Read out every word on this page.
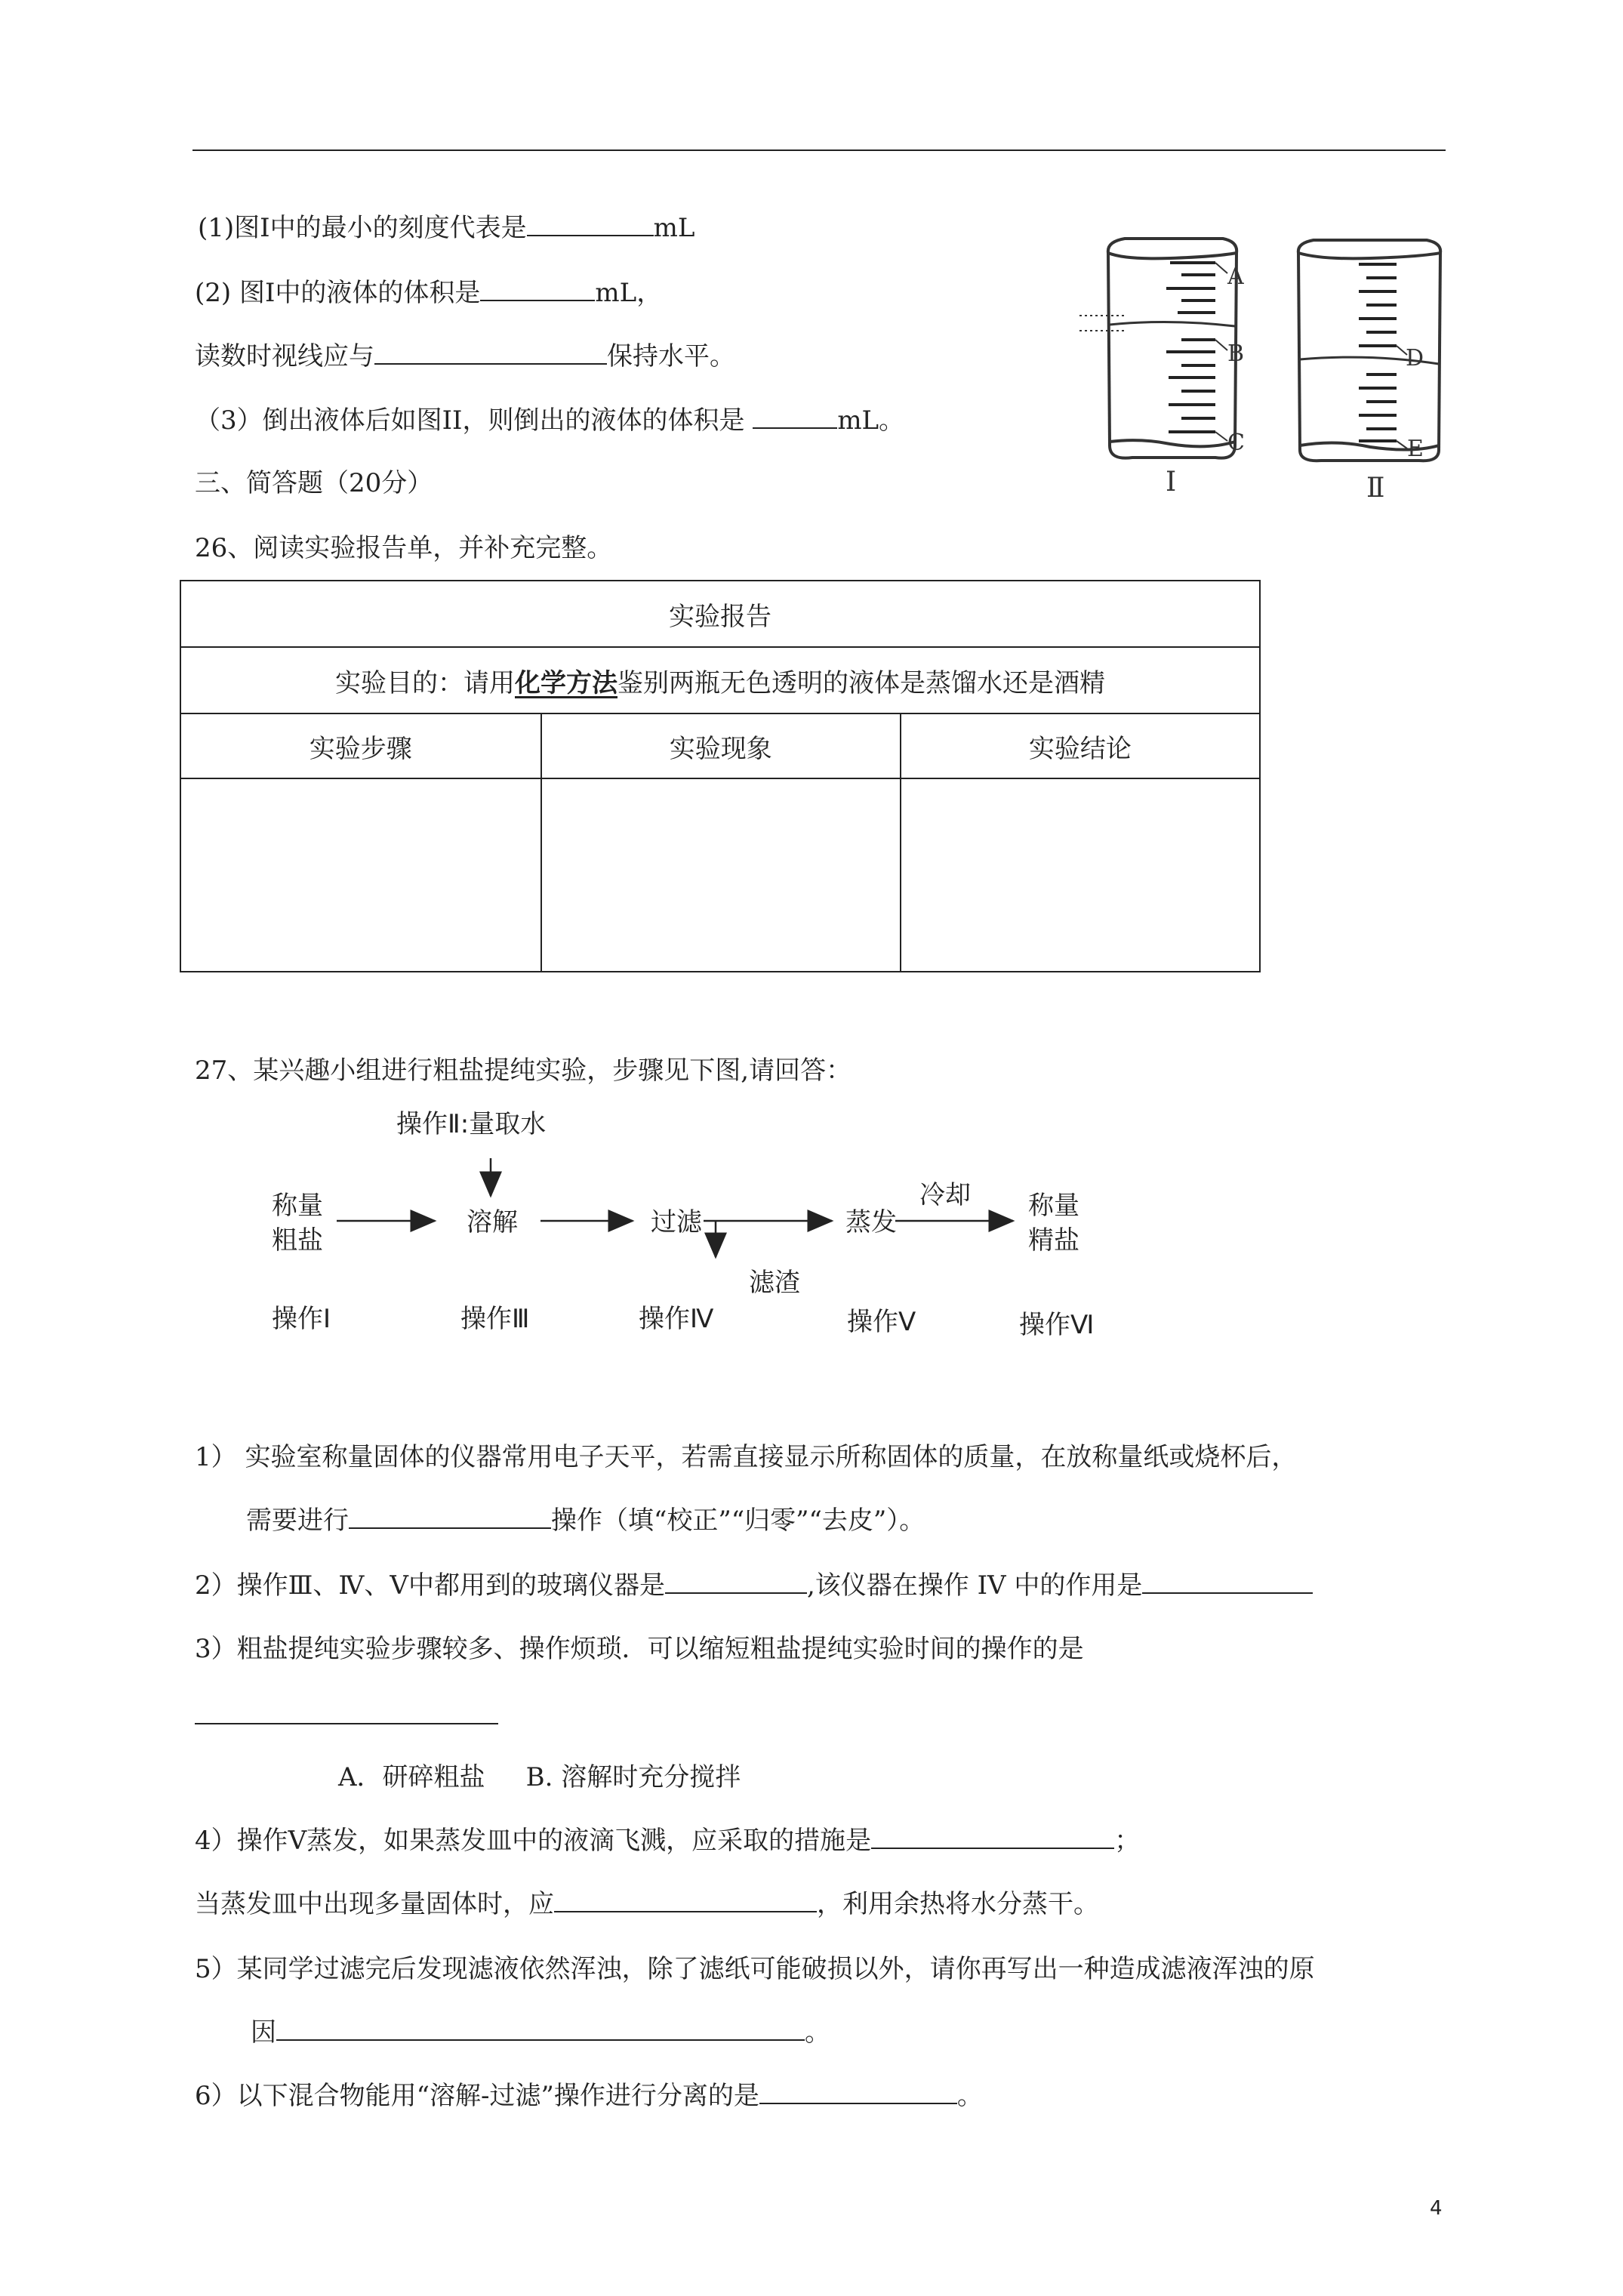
(1)图Ⅰ中的最小的刻度代表是	mL
(2) 图Ⅰ中的液体的体积是	mL，
读数时视线应与	保持水平。
（3）倒出液体后如图II，则倒出的液体的体积是	mL。
A
B
C
D
E
Ⅰ	Ⅱ
三、简答题（20分）
26、阅读实验报告单，并补充完整。
实验报告		
实验目的：请用化学方法鉴别两瓶无色透明的液体是蒸馏水还是酒精		
实验步骤	实验现象	实验结论

27、某兴趣小组进行粗盐提纯实验，步骤见下图,请回答：
操作Ⅱ:量取水
称量
粗盐
溶解	过滤	蒸发
冷却 称量
精盐
滤渣
操作Ⅰ	操作Ⅲ	操作Ⅳ	操作Ⅴ	操作Ⅵ
1） 实验室称量固体的仪器常用电子天平，若需直接显示所称固体的质量，在放称量纸或烧杯后，
需要进行	操作（填“校正”“归零”“去皮”）。
2）操作Ⅲ、Ⅳ、Ⅴ中都用到的玻璃仪器是	,该仪器在操作 IV 中的作用是
3）粗盐提纯实验步骤较多、操作烦琐．可以缩短粗盐提纯实验时间的操作的是
A．研碎粗盐     B. 溶解时充分搅拌
4）操作Ⅴ蒸发，如果蒸发皿中的液滴飞溅，应采取的措施是	；
当蒸发皿中出现多量固体时，应	，利用余热将水分蒸干。
5）某同学过滤完后发现滤液依然浑浊，除了滤纸可能破损以外，请你再写出一种造成滤液浑浊的原
因	。
6）以下混合物能用“溶解-过滤”操作进行分离的是	。
4
